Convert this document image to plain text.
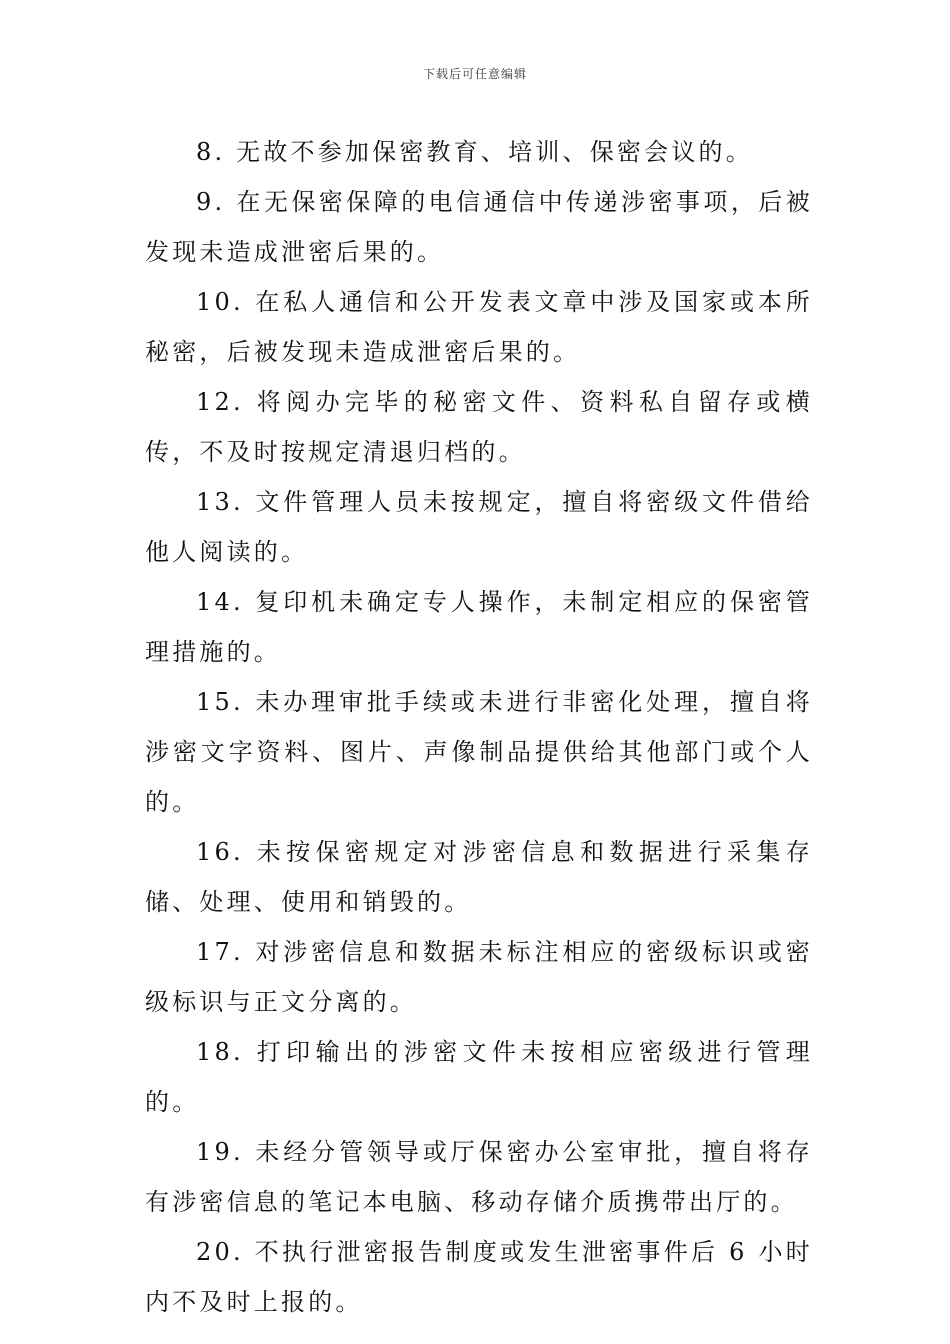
下载后可任意编辑

8. 无故不参加保密教育、培训、保密会议的。

9. 在无保密保障的电信通信中传递涉密事项，后被发现未造成泄密后果的。

10. 在私人通信和公开发表文章中涉及国家或本所秘密，后被发现未造成泄密后果的。

12. 将阅办完毕的秘密文件、资料私自留存或横传，不及时按规定清退归档的。

13. 文件管理人员未按规定，擅自将密级文件借给他人阅读的。

14. 复印机未确定专人操作，未制定相应的保密管理措施的。

15. 未办理审批手续或未进行非密化处理，擅自将涉密文字资料、图片、声像制品提供给其他部门或个人的。

16. 未按保密规定对涉密信息和数据进行采集存储、处理、使用和销毁的。

17. 对涉密信息和数据未标注相应的密级标识或密级标识与正文分离的。

18. 打印输出的涉密文件未按相应密级进行管理的。

19. 未经分管领导或厅保密办公室审批，擅自将存有涉密信息的笔记本电脑、移动存储介质携带出厅的。

20. 不执行泄密报告制度或发生泄密事件后 6 小时内不及时上报的。
